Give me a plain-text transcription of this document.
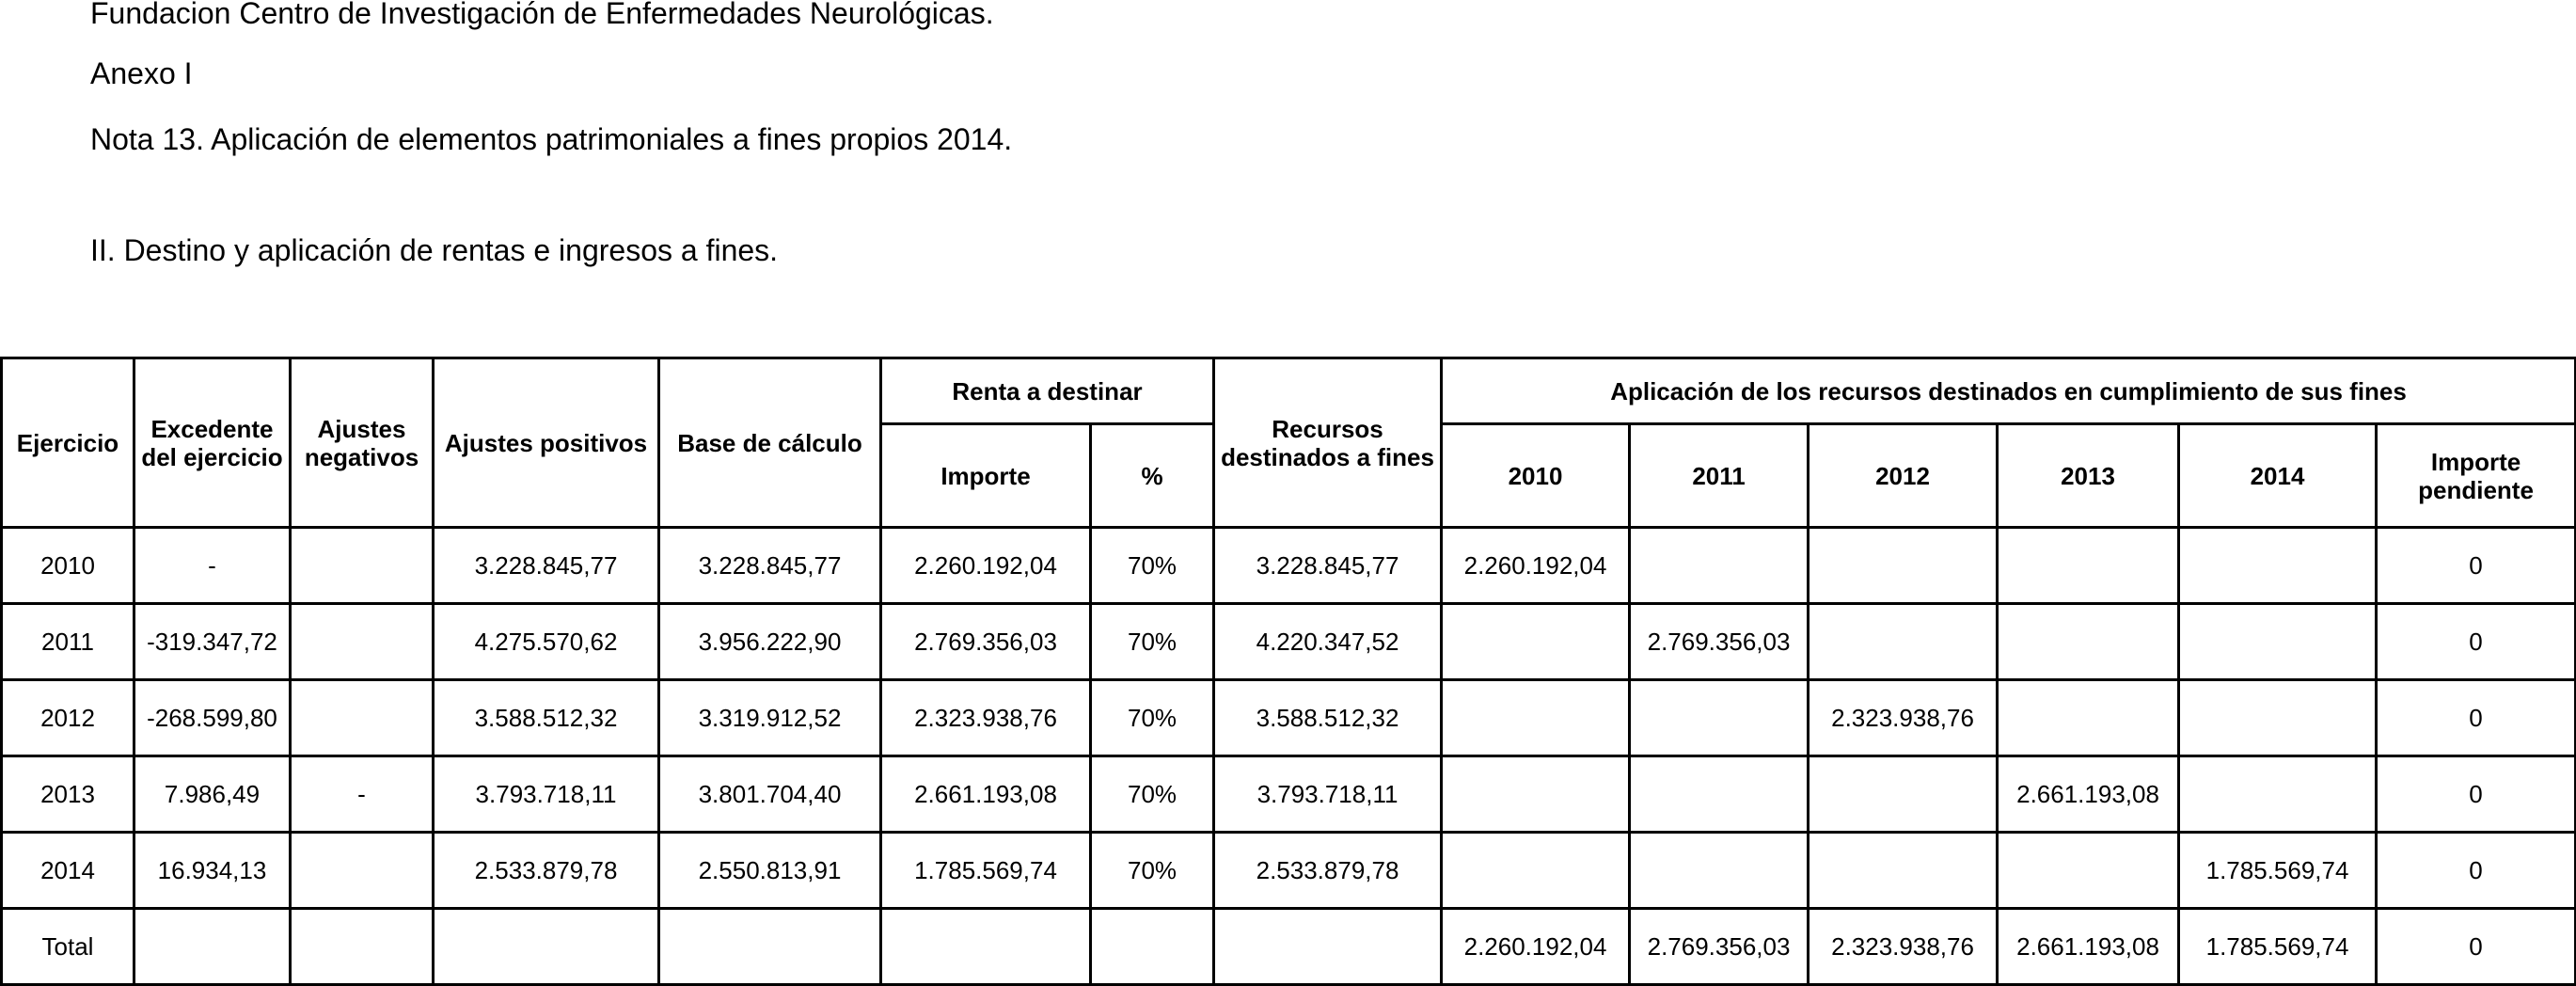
Fundacion Centro de Investigación de Enfermedades Neurológicas.
Anexo I
Nota 13. Aplicación de elementos patrimoniales a fines propios 2014.
II. Destino y aplicación de rentas e ingresos a fines.
Ejercicio	Excedente del ejercicio	Ajustes negativos	Ajustes positivos	Base de cálculo	Renta a destinar		Recursos destinados a fines	Aplicación de los recursos destinados en cumplimiento de sus fines					
					Importe	%		2010	2011	2012	2013	2014	Importe pendiente
2010	-		3.228.845,77	3.228.845,77	2.260.192,04	70%	3.228.845,77	2.260.192,04					0
2011	-319.347,72		4.275.570,62	3.956.222,90	2.769.356,03	70%	4.220.347,52		2.769.356,03				0
2012	-268.599,80		3.588.512,32	3.319.912,52	2.323.938,76	70%	3.588.512,32			2.323.938,76			0
2013	7.986,49	-	3.793.718,11	3.801.704,40	2.661.193,08	70%	3.793.718,11				2.661.193,08		0
2014	16.934,13		2.533.879,78	2.550.813,91	1.785.569,74	70%	2.533.879,78					1.785.569,74	0
Total								2.260.192,04	2.769.356,03	2.323.938,76	2.661.193,08	1.785.569,74	0
